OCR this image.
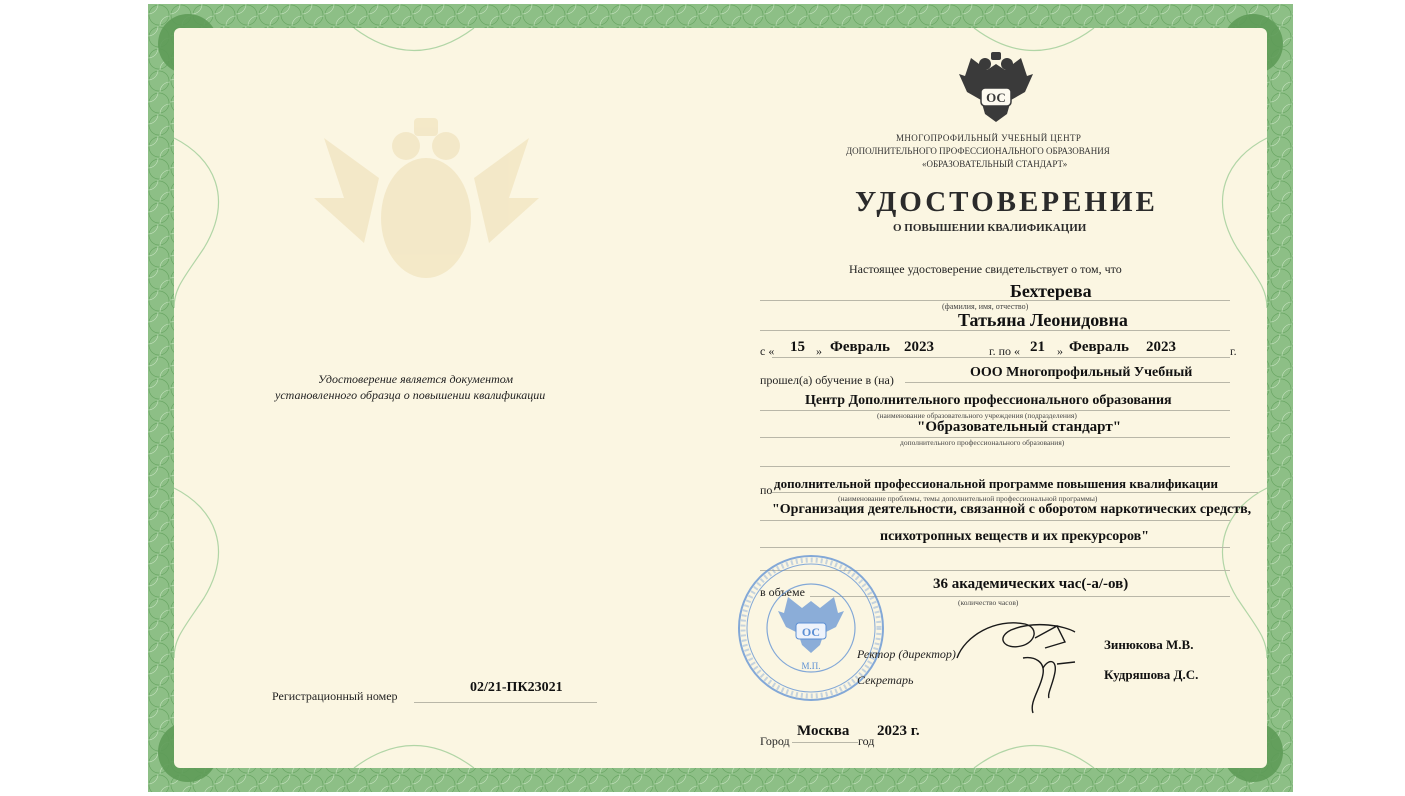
Удостоверение является документом
установленного образца о повышении квалификации
Регистрационный номер
02/21-ПК23021
ОС
МНОГОПРОФИЛЬНЫЙ УЧЕБНЫЙ ЦЕНТР
ДОПОЛНИТЕЛЬНОГО ПРОФЕССИОНАЛЬНОГО ОБРАЗОВАНИЯ
«ОБРАЗОВАТЕЛЬНЫЙ СТАНДАРТ»
УДОСТОВЕРЕНИЕ
О ПОВЫШЕНИИ КВАЛИФИКАЦИИ
Настоящее удостоверение свидетельствует о том, что
Бехтерева
(фамилия, имя, отчество)
Татьяна Леонидовна
с « 15 » Февраль 2023	г. по « 21 » Февраль 2023	г.
прошел(а) обучение в (на)	ООО Многопрофильный Учебный
Центр Дополнительного профессионального образования
(наименование образовательного учреждения (подразделения)
"Образовательный стандарт"
дополнительного профессионального образования)
по дополнительной профессиональной программе повышения квалификации
(наименование проблемы, темы дополнительной профессиональной программы)
"Организация деятельности, связанной с оборотом наркотических средств,
психотропных веществ и их прекурсоров"
в объеме	36 академических час(-а/-ов)
(количество часов)
ОС
М.П.
Ректор (директор)
Зинюкова М.В.
Секретарь	Кудряшова Д.С.
Город
Москва
год
2023 г.
